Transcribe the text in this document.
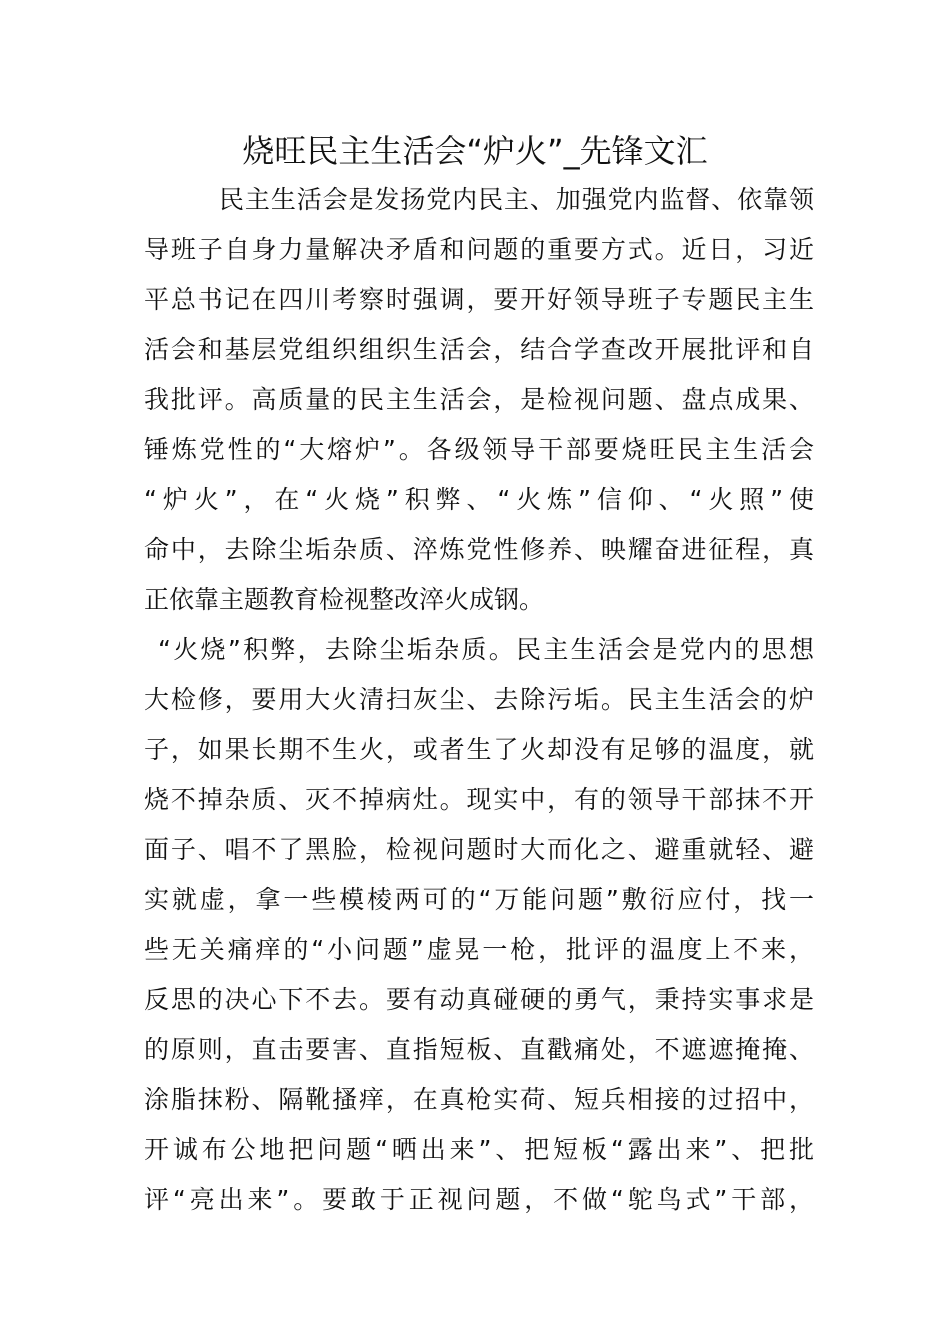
烧旺民主生活会“炉火”_先锋文汇
民主生活会是发扬党内民主、加强党内监督、依靠领
导班子自身力量解决矛盾和问题的重要方式。近日，习近
平总书记在四川考察时强调，要开好领导班子专题民主生
活会和基层党组织组织生活会，结合学查改开展批评和自
我批评。高质量的民主生活会，是检视问题、盘点成果、
锤炼党性的“大熔炉”。各级领导干部要烧旺民主生活会
“炉火”，在“火烧”积弊、“火炼”信仰、“火照”使
命中，去除尘垢杂质、淬炼党性修养、映耀奋进征程，真
正依靠主题教育检视整改淬火成钢。
“火烧”积弊，去除尘垢杂质。民主生活会是党内的思想
大检修，要用大火清扫灰尘、去除污垢。民主生活会的炉
子，如果长期不生火，或者生了火却没有足够的温度，就
烧不掉杂质、灭不掉病灶。现实中，有的领导干部抹不开
面子、唱不了黑脸，检视问题时大而化之、避重就轻、避
实就虚，拿一些模棱两可的“万能问题”敷衍应付，找一
些无关痛痒的“小问题”虚晃一枪，批评的温度上不来，
反思的决心下不去。要有动真碰硬的勇气，秉持实事求是
的原则，直击要害、直指短板、直戳痛处，不遮遮掩掩、
涂脂抹粉、隔靴搔痒，在真枪实荷、短兵相接的过招中，
开诚布公地把问题“晒出来”、把短板“露出来”、把批
评“亮出来”。要敢于正视问题，不做“鸵鸟式”干部，
